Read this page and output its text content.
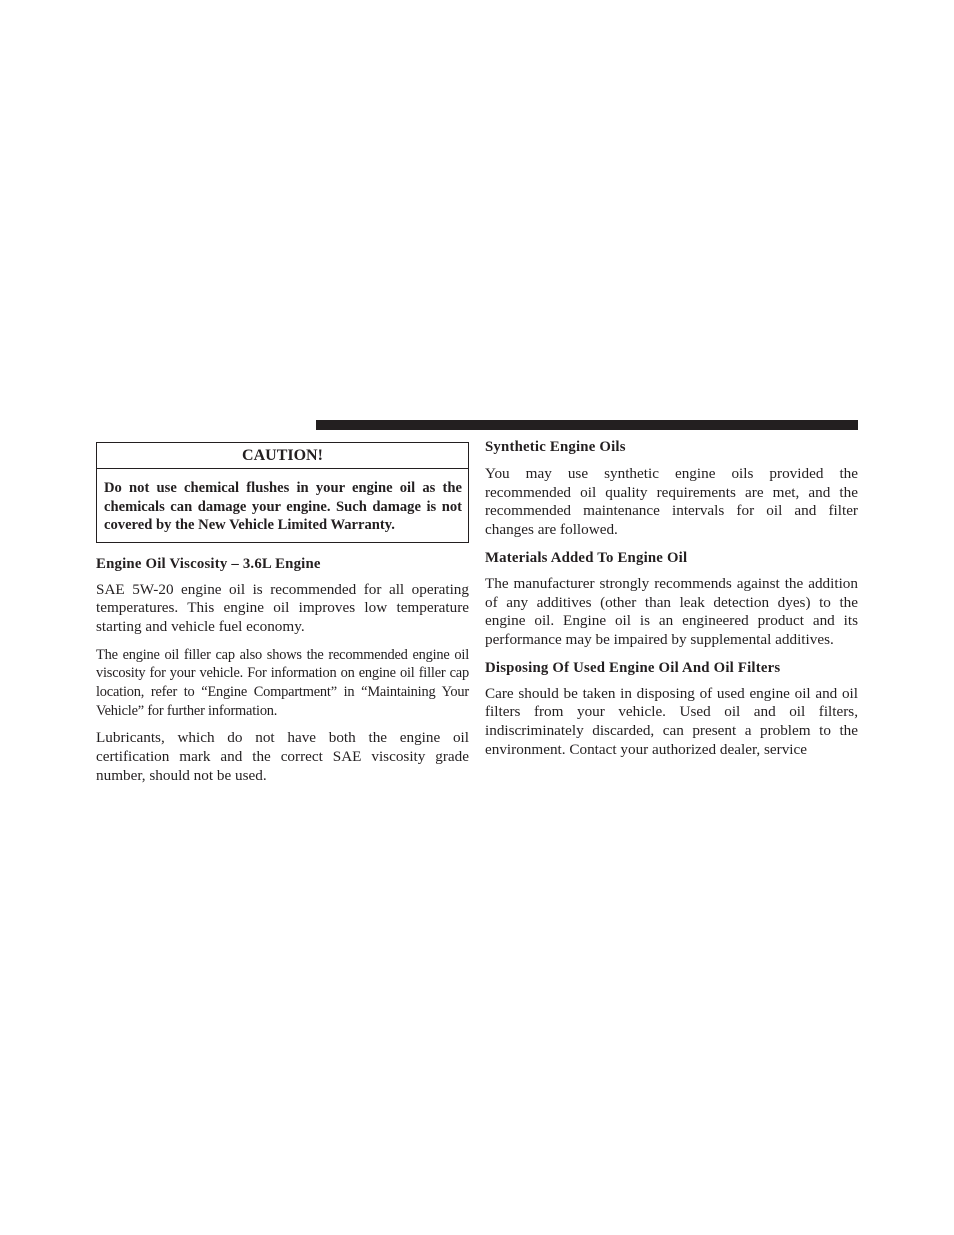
CAUTION!
Do not use chemical flushes in your engine oil as the chemicals can damage your engine. Such damage is not covered by the New Vehicle Limited Warranty.
Engine Oil Viscosity – 3.6L Engine

SAE 5W-20 engine oil is recommended for all operating temperatures. This engine oil improves low temperature starting and vehicle fuel economy.

The engine oil filler cap also shows the recommended engine oil viscosity for your vehicle. For information on engine oil filler cap location, refer to “Engine Compartment” in “Maintaining Your Vehicle” for further information.

Lubricants, which do not have both the engine oil certification mark and the correct SAE viscosity grade number, should not be used.

Synthetic Engine Oils

You may use synthetic engine oils provided the recommended oil quality requirements are met, and the recommended maintenance intervals for oil and filter changes are followed.

Materials Added To Engine Oil

The manufacturer strongly recommends against the addition of any additives (other than leak detection dyes) to the engine oil. Engine oil is an engineered product and its performance may be impaired by supplemental additives.

Disposing Of Used Engine Oil And Oil Filters

Care should be taken in disposing of used engine oil and oil filters from your vehicle. Used oil and oil filters, indiscriminately discarded, can present a problem to the environment. Contact your authorized dealer, service
